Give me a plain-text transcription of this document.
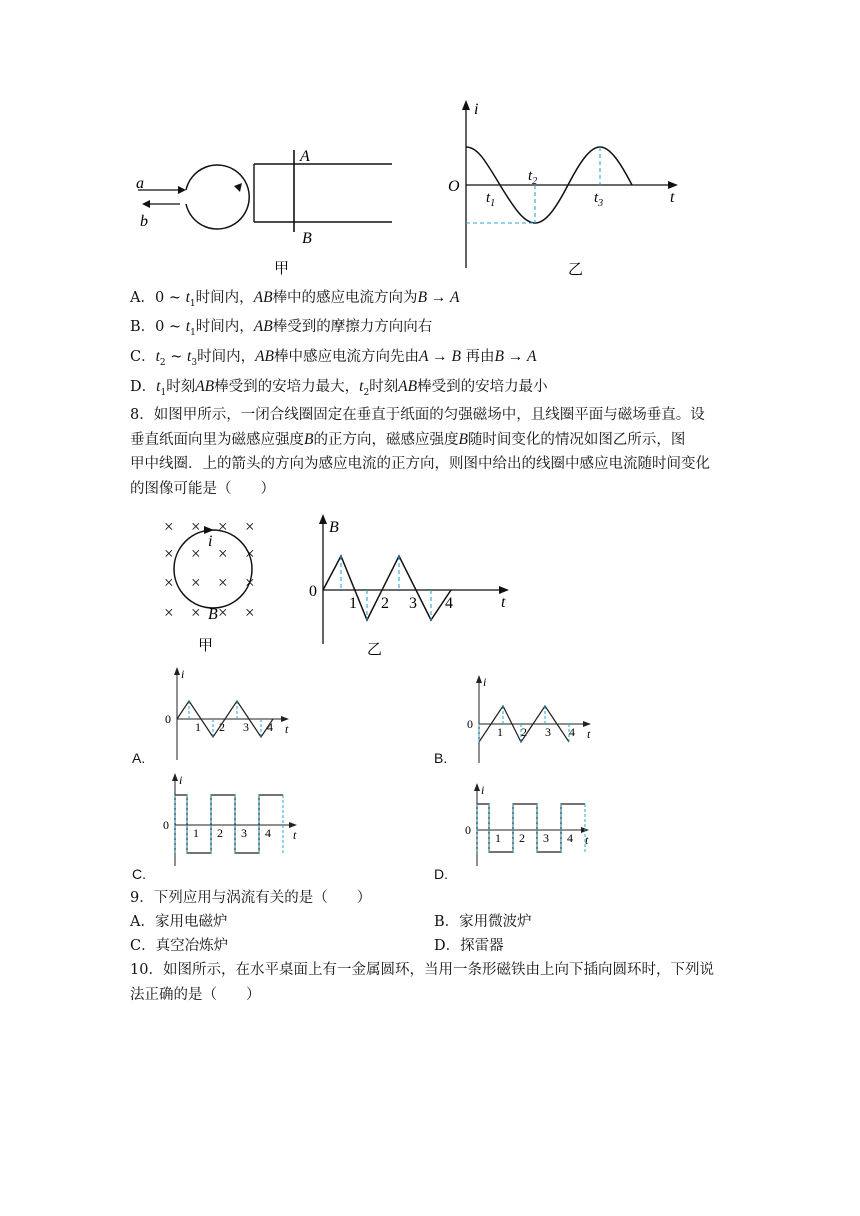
a
b
A
B
甲
i
t
O
$t_1$
$t_2$
$t_3$
乙
A．0 ~ $t_1$时间内，AB棒中的感应电流方向为B → A
B．0 ~ $t_1$时间内，AB棒受到的摩擦力方向向右
C．$t_2$ ~ $t_3$时间内，AB棒中感应电流方向先由A → B 再由B → A
D．$t_1$时刻AB棒受到的安培力最大，$t_2$时刻AB棒受到的安培力最小
8．如图甲所示，一闭合线圈固定在垂直于纸面的匀强磁场中，且线圈平面与磁场垂直。设
垂直纸面向里为磁感应强度B的正方向，磁感应强度B随时间变化的情况如图乙所示，图
甲中线圈．上的箭头的方向为感应电流的正方向，则图中给出的线圈中感应电流随时间变化
的图像可能是（　　）
× × × ×
× × × ×
× × × ×
× × × ×
i
B
甲
B
t
0
1 2 3 4
乙
A.
i
t
0
1 2 3 4
B.
i
t
0
1 2 3 4
C.
i
t
0
1 2 3 4
D.
i
t
0
1 2 3 4
9．下列应用与涡流有关的是（　　）
A．家用电磁炉	B．家用微波炉
C．真空冶炼炉	D．探雷器
10．如图所示，在水平桌面上有一金属圆环，当用一条形磁铁由上向下插向圆环时，下列说
法正确的是（　　）
